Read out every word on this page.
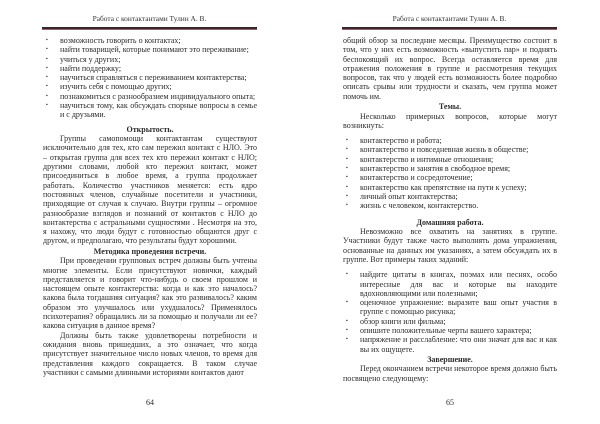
Работа с контактантами Тулин А. В.
▪ возможность говорить о контактах;
▪ найти товарищей, которые понимают это переживание;
▪ учиться у других;
▪ найти поддержку;
▪ научиться справляться с переживанием контактерства;
▪ изучить себя с помощью других;
▪ познакомиться с разнообразием индивидуального опыта;
▪ научиться тому, как обсуждать спорные вопросы в семье и с друзьями.
Открытость.

Группы самопомощи контактантам существуют исключительно для тех, кто сам пережил контакт с НЛО. Это – открытая группа для всех тех кто пережил контакт с НЛО; другими словами, любой кто пережил контакт, может присоединиться в любое время, а группа продолжает работать. Количество участников меняется: есть ядро постоянных членов, случайные посетители и участники, приходящие от случая к случаю. Внутри группы – огромное разнообразие взглядов и познаний от контактов с НЛО до контактерства с астральными сущностями . Несмотря на это, я нахожу, что люди будут с готовностью общаются друг с другом, и предполагаю, что результаты будут хорошими.

Методика проведения встречи.

При проведении групповых встреч должны быть учтены многие элементы. Если присутствуют новички, каждый представляется и говорит что-нибудь о своем прошлом и настоящем опыте контактерства: когда и как это началось? какова была тогдашняя ситуация? как это развивалось? каким образом это улучшалось или ухудшалось? Применялось психотерапия? обращались ли за помощью и получали ли ее? какова ситуация в данное время?

Должны быть также удовлетворены потребности и ожидания вновь пришедших, а это означает, что когда присутствует значительное число новых членов, то время для представления каждого сокращается. В таком случае участники с самыми длинными историями контактов дают

64
Работа с контактантами Тулин А. В.

общий обзор за последние месяцы. Преимущество состоит в том, что у них есть возможность «выпустить пар» и поднять беспокоящий их вопрос. Всегда оставляется время для отражения положения в группе и рассмотрения текущих вопросов, так что у людей есть возможность более подробно описать срывы или трудности и сказать, чем группа может помочь им.

Темы.

Несколько примерных вопросов, которые могут возникнуть:

▪ контактерство и работа;
▪ контактерство и повседневная жизнь в обществе;
▪ контактерство и интимные отношения;
▪ контактерство и занятия в свободное время;
▪ контактерство и сосредоточение;
▪ контактерство как препятствие на пути к успеху;
▪ личный опыт контактерства;
▪ жизнь с человеком, контактерство.
Домашняя работа.

Невозможно все охватить на занятиях в группе. Участники будут также часто выполнять дома упражнения, основанные на данных им указаниях, а затем обсуждать их в группе. Вот примеры таких заданий:

▪ найдите цитаты в книгах, поэмах или песнях, особо интересные для вас и которые вы находите вдохновляющими или полезными;
▪ оценочное упражнение: выразите ваш опыт участия в группе с помощью рисунка;
▪ обзор книги или фильма;
▪ опишите положительные черты вашего характера;
▪ напряжение и расслабление: что они значат для вас и как вы их ощущете.
Завершение.

Перед окончанием встречи некоторое время должно быть посвящено следующему:

65
